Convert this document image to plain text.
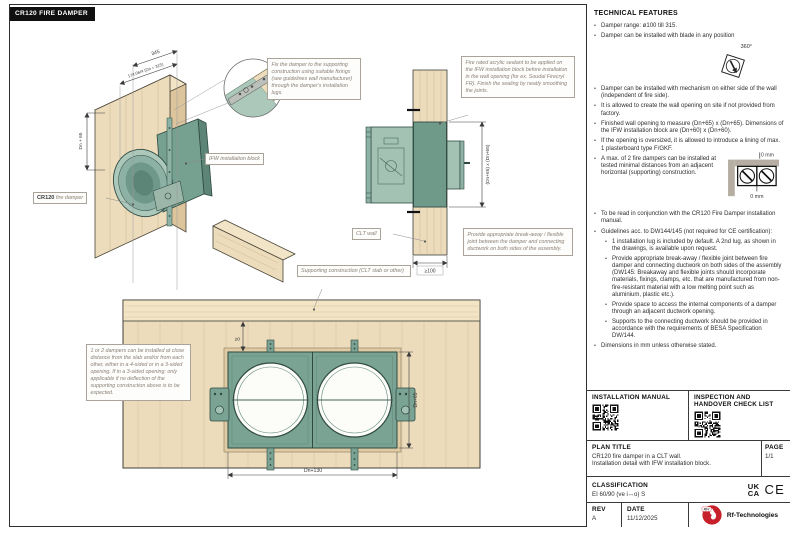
CR120 FIRE DAMPER
345
174.06/4 (Dn = 315)
Dn + 65
(Dn+65) x (Dn+65)
≥100
Dn+130
Dn+65
≥0
Fix the damper to the supporting construction using suitable fixings (see guidelines wall manufacturer) through the damper's installation lugs.
Fire rated acrylic sealant to be applied on the IFW installation block before installation in the wall opening (for ex. Soudal Firecryl FR). Finish the sealing by neatly smoothing the joints.
Provide appropriate break-away / flexible joint between the damper and connecting ductwork on both sides of the assembly.
1 or 2 dampers can be installed at close distance from the slab and/or from each other, either in a 4-sided or in a 3-sided opening. If in a 3-sided opening: only applicable if no deflection of the supporting construction above is to be expected.
CR120 fire damper
IFW installation block
CLT wall
Supporting construction (CLT slab or other)
TECHNICAL FEATURES
• Damper range: ø100 till 315.
• Damper can be installed with blade in any position
360°
• Damper can be installed with mechanism on either side of the wall (independent of fire side).
• It is allowed to create the wall opening on site if not provided from factory.
• Finished wall opening to measure (Dn+65) x (Dn+65). Dimensions of the IFW installation block are (Dn+60) x (Dn+60).
• If the opening is oversized, it is allowed to introduce a lining of max. 1 plasterboard type F/GKF.
• A max. of 2 fire dampers can be installed at tested minimal distances from an adjacent horizontal (supporting) construction.
0 mm
0 mm
• To be read in conjunction with the CR120 Fire Damper installation manual.
• Guidelines acc. to DW144/145 (not required for CE certification):
• 1 installation lug is included by default. A 2nd lug, as shown in the drawings, is available upon request.
• Provide appropriate break-away / flexible joint between fire damper and connecting ductwork on both sides of the assembly (DW145: Breakaway and flexible joints should incorporate materials, fixings, clamps, etc. that are manufactured from non-fire-resistant material with a low melting point such as aluminium, plastic etc.).
• Provide space to access the internal components of a damper through an adjacent ductwork opening.
• Supports to the connecting ductwork should be provided in accordance with the requirements of BESA Specification DW/144.
• Dimensions in mm unless otherwise stated.
INSTALLATION MANUAL	INSPECTION AND HANDOVER CHECK LIST
PLAN TITLE
CR120 fire damper in a CLT wall.
Installation detail with IFW installation block.
PAGE
1/1
CLASSIFICATION
EI 60/90 (ve i↔o) S
UK
CA CE
REV
A
DATE
11/12/2025
Rf-t
Rf-Technologies
